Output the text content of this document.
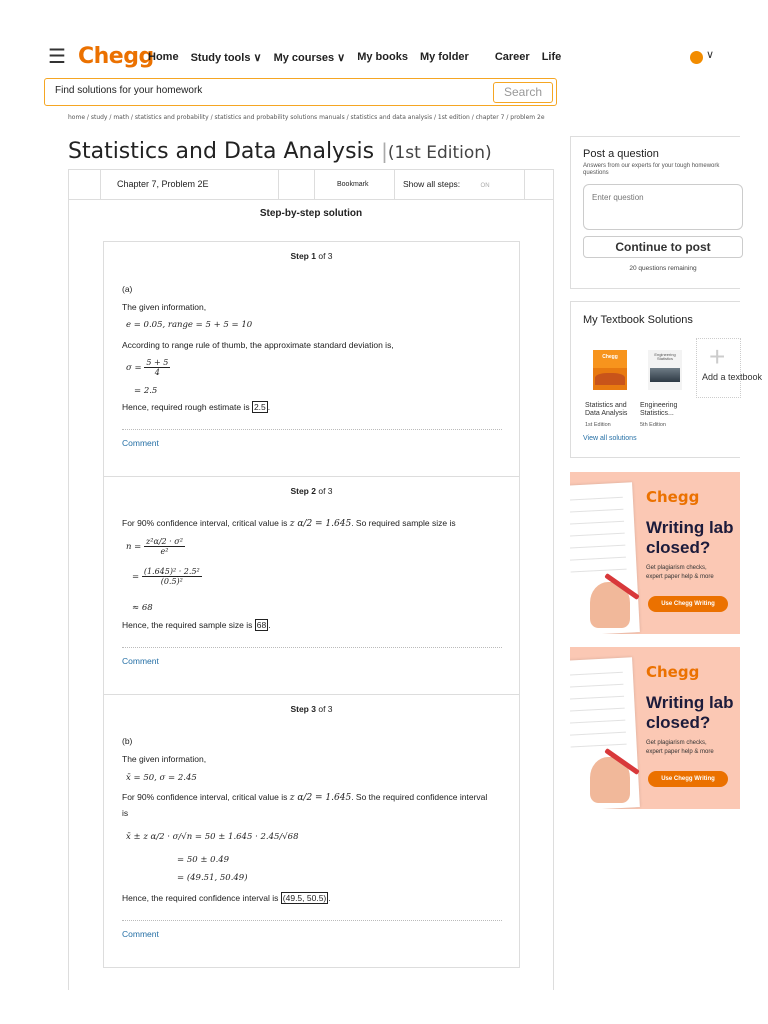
☰ Chegg
Home Study tools ∨ My courses ∨ My books My folder Career Life	∨
Find solutions for your homework
Search
home / study / math / statistics and probability / statistics and probability solutions manuals / statistics and data analysis / 1st edition / chapter 7 / problem 2e
Statistics and Data Analysis |(1st Edition)
Chapter 7, Problem 2E	Bookmark	Show all steps:	ON
Step-by-step solution
Step 1 of 3
(a)
The given information,
e = 0.05, range = 5 + 5 = 10
According to range rule of thumb, the approximate standard deviation is,
$\sigma = \frac{5 + 5}{4}$
= 2.5
Hence, required rough estimate is 2.5 .
Comment
Step 2 of 3
For 90% confidence interval, critical value is z α/2 = 1.645. So required sample size is
$n = \frac{\text{z²α/2 · σ²}}{\text{e²}}$
= $\frac{\text{(1.645)² · 2.5²}}{\text{(0.5)²}}$
≈ 68
Hence, the required sample size is 68 .
Comment
Step 3 of 3
(b)
The given information,
x̄ = 50, σ = 2.45
For 90% confidence interval, critical value is z α/2 = 1.645. So the required confidence interval
is
x̄ ± z α/2 · σ/√n = 50 ± 1.645 · 2.45/√68
= 50 ± 0.49
= (49.51, 50.49)
Hence, the required confidence interval is (49.5, 50.5) .
Comment
Post a question
Answers from our experts for your tough homework questions
Enter question
Continue to post
20 questions remaining
My Textbook Solutions
Chegg	Engineering Statistics
Statistics and Data Analysis
1st Edition
Engineering Statistics...
5th Edition
+
Add a textbook
View all solutions
Chegg
Writing lab
closed?
Get plagiarism checks,
expert paper help & more
Use Chegg Writing
Chegg
Writing lab
closed?
Get plagiarism checks,
expert paper help & more
Use Chegg Writing
